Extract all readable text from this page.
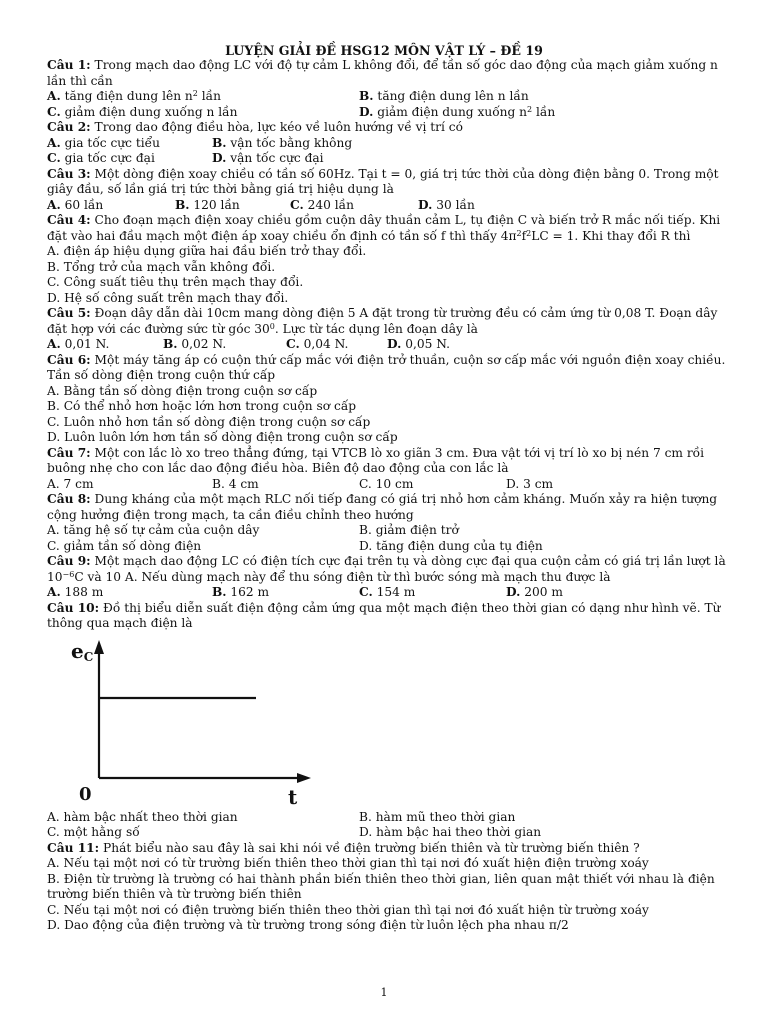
LUYỆN GIẢI ĐỀ HSG12 MÔN VẬT LÝ – ĐỀ 19
Câu 1: Trong mạch dao động LC với độ tự cảm L không đổi, để tần số góc dao động của mạch giảm xuống n
lần thì cần
A. tăng điện dung lên $n^2$ lần	B. tăng điện dung lên n lần
C. giảm điện dung xuống n lần	D. giảm điện dung xuống $n^2$ lần
Câu 2: Trong dao động điều hòa, lực kéo về luôn hướng về vị trí có
A. gia tốc cực tiểu	B. vận tốc bằng không
C. gia tốc cực đại	D. vận tốc cực đại
Câu 3: Một dòng điện xoay chiều có tần số 60Hz. Tại t = 0, giá trị tức thời của dòng điện bằng 0. Trong một
giây đầu, số lần giá trị tức thời bằng giá trị hiệu dụng là
A. 60 lần	B. 120 lần	C. 240 lần	D. 30 lần
Câu 4: Cho đoạn mạch điện xoay chiều gồm cuộn dây thuần cảm L, tụ điện C và biến trở R mắc nối tiếp. Khi
đặt vào hai đầu mạch một điện áp xoay chiều ổn định có tần số f thì thấy $4\pi^2f^2LC = 1$. Khi thay đổi R thì
A. điện áp hiệu dụng giữa hai đầu biến trở thay đổi.
B. Tổng trở của mạch vẫn không đổi.
C. Công suất tiêu thụ trên mạch thay đổi.
D. Hệ số công suất trên mạch thay đổi.
Câu 5: Đoạn dây dẫn dài 10cm mang dòng điện 5 A đặt trong từ trường đều có cảm ứng từ 0,08 T. Đoạn dây
đặt hợp với các đường sức từ góc $30^0$. Lực từ tác dụng lên đoạn dây là
A. 0,01 N.	B. 0,02 N.	C. 0,04 N.	D. 0,05 N.
Câu 6: Một máy tăng áp có cuộn thứ cấp mắc với điện trở thuần, cuộn sơ cấp mắc với nguồn điện xoay chiều.
Tần số dòng điện trong cuộn thứ cấp
A. Bằng tần số dòng điện trong cuộn sơ cấp
B. Có thể nhỏ hơn hoặc lớn hơn trong cuộn sơ cấp
C. Luôn nhỏ hơn tần số dòng điện trong cuộn sơ cấp
D. Luôn luôn lớn hơn tần số dòng điện trong cuộn sơ cấp
Câu 7: Một con lắc lò xo treo thẳng đứng, tại VTCB lò xo giãn 3 cm. Đưa vật tới vị trí lò xo bị nén 7 cm rồi
buông nhẹ cho con lắc dao động điều hòa. Biên độ dao động của con lắc là
A. 7 cm	B. 4 cm	C. 10 cm	D. 3 cm
Câu 8: Dung kháng của một mạch RLC nối tiếp đang có giá trị nhỏ hơn cảm kháng. Muốn xảy ra hiện tượng
cộng hưởng điện trong mạch, ta cần điều chỉnh theo hướng
A. tăng hệ số tự cảm của cuộn dây	B. giảm điện trở
C. giảm tần số dòng điện	D. tăng điện dung của tụ điện
Câu 9: Một mạch dao động LC có điện tích cực đại trên tụ và dòng cực đại qua cuộn cảm có giá trị lần lượt là
$10^{-6}C$ và 10 A. Nếu dùng mạch này để thu sóng điện từ thì bước sóng mà mạch thu được là
A. 188 m	B. 162 m	C. 154 m	D. 200 m
Câu 10: Đồ thị biểu diễn suất điện động cảm ứng qua một mạch điện theo thời gian có dạng như hình vẽ. Từ
thông qua mạch điện là
eC
0	t
A. hàm bậc nhất theo thời gian	B. hàm mũ theo thời gian
C. một hằng số	D. hàm bậc hai theo thời gian
Câu 11: Phát biểu nào sau đây là sai khi nói về điện trường biến thiên và từ trường biến thiên ?
A. Nếu tại một nơi có từ trường biến thiên theo thời gian thì tại nơi đó xuất hiện điện trường xoáy
B. Điện từ trường là trường có hai thành phần biến thiên theo thời gian, liên quan mật thiết với nhau là điện
trường biến thiên và từ trường biến thiên
C. Nếu tại một nơi có điện trường biến thiên theo thời gian thì tại nơi đó xuất hiện từ trường xoáy
D. Dao động của điện trường và từ trường trong sóng điện từ luôn lệch pha nhau π/2
1
